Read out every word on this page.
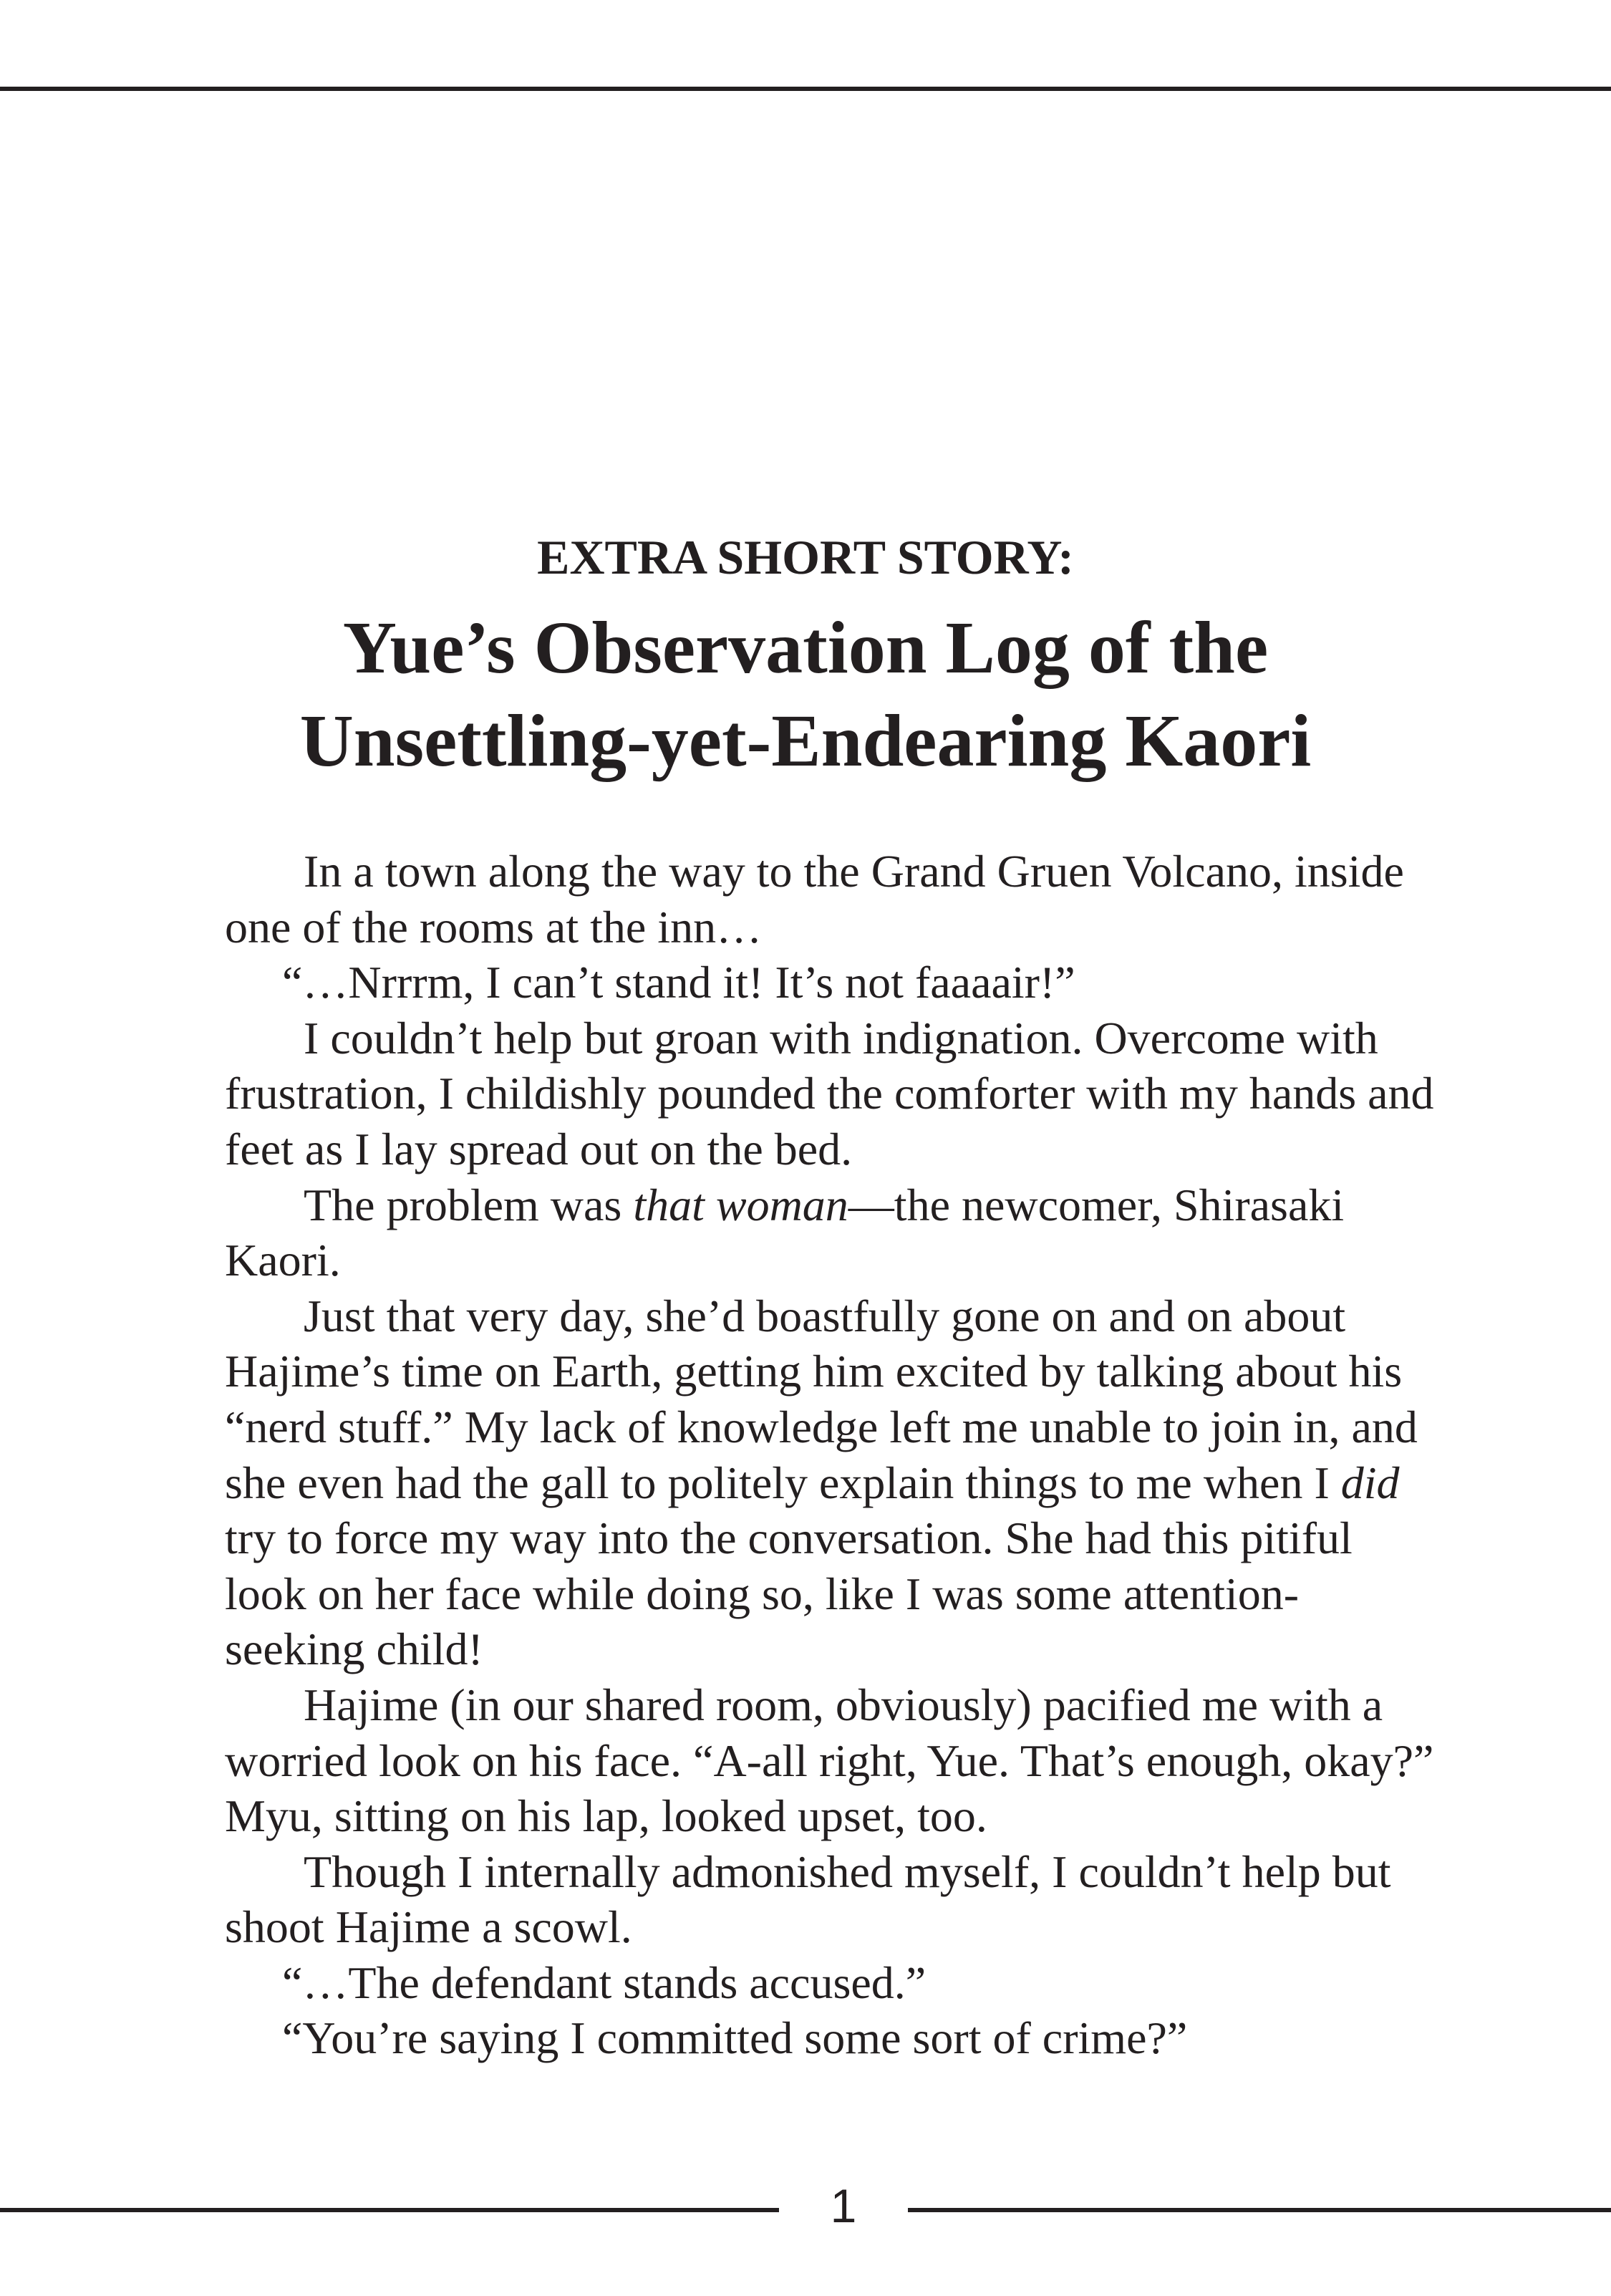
EXTRA SHORT STORY:
Yue’s Observation Log of the
Unsettling-yet-Endearing Kaori

In a town along the way to the Grand Gruen Volcano, inside one of the rooms at the inn…

“…Nrrrm, I can’t stand it! It’s not faaaair!”

I couldn’t help but groan with indignation. Overcome with frustration, I childishly pounded the comforter with my hands and feet as I lay spread out on the bed.

The problem was that woman—the newcomer, Shirasaki Kaori.

Just that very day, she’d boastfully gone on and on about Hajime’s time on Earth, getting him excited by talking about his “nerd stuff.” My lack of knowledge left me unable to join in, and she even had the gall to politely explain things to me when I did try to force my way into the conversation. She had this pitiful look on her face while doing so, like I was some attention-seeking child!

Hajime (in our shared room, obviously) pacified me with a worried look on his face. “A-all right, Yue. That’s enough, okay?” Myu, sitting on his lap, looked upset, too.

Though I internally admonished myself, I couldn’t help but shoot Hajime a scowl.

“…The defendant stands accused.”

“You’re saying I committed some sort of crime?”

1
